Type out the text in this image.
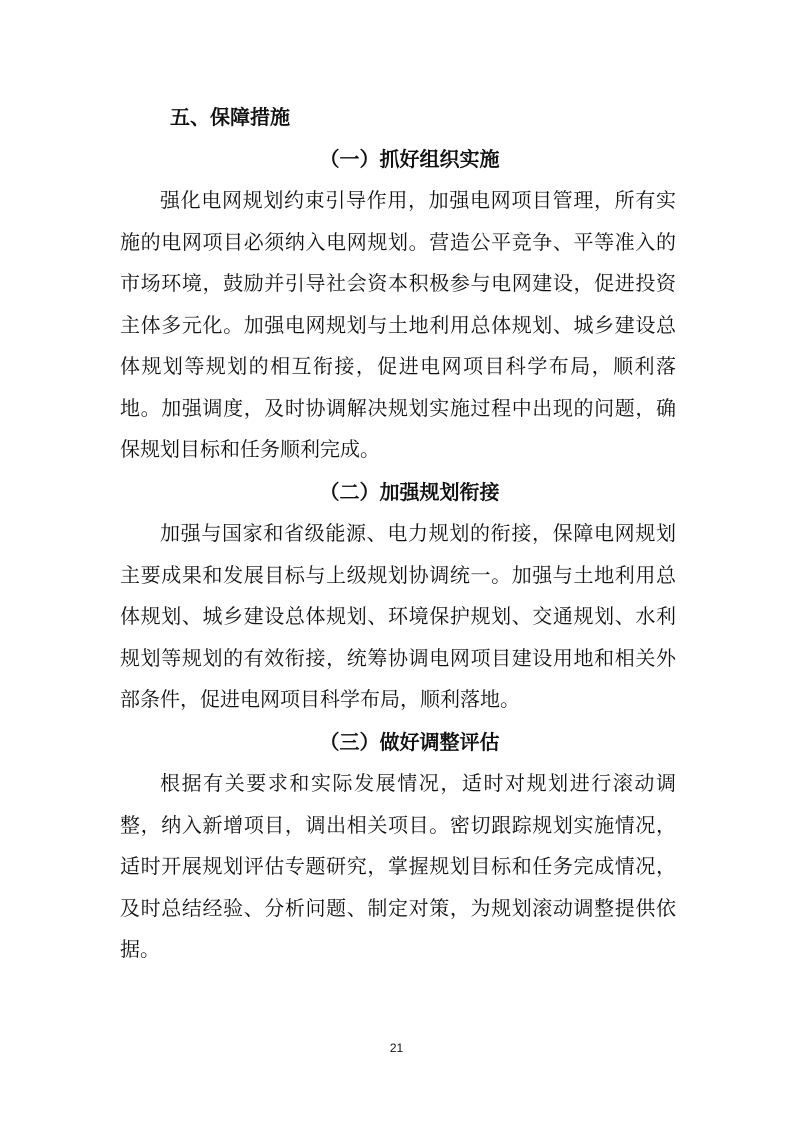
五、保障措施
（一）抓好组织实施

强化电网规划约束引导作用，加强电网项目管理，所有实施的电网项目必须纳入电网规划。营造公平竞争、平等准入的市场环境，鼓励并引导社会资本积极参与电网建设，促进投资主体多元化。加强电网规划与土地利用总体规划、城乡建设总体规划等规划的相互衔接，促进电网项目科学布局，顺利落地。加强调度，及时协调解决规划实施过程中出现的问题，确保规划目标和任务顺利完成。

（二）加强规划衔接

加强与国家和省级能源、电力规划的衔接，保障电网规划主要成果和发展目标与上级规划协调统一。加强与土地利用总体规划、城乡建设总体规划、环境保护规划、交通规划、水利规划等规划的有效衔接，统筹协调电网项目建设用地和相关外部条件，促进电网项目科学布局，顺利落地。

（三）做好调整评估

根据有关要求和实际发展情况，适时对规划进行滚动调整，纳入新增项目，调出相关项目。密切跟踪规划实施情况，适时开展规划评估专题研究，掌握规划目标和任务完成情况，及时总结经验、分析问题、制定对策，为规划滚动调整提供依据。

21
